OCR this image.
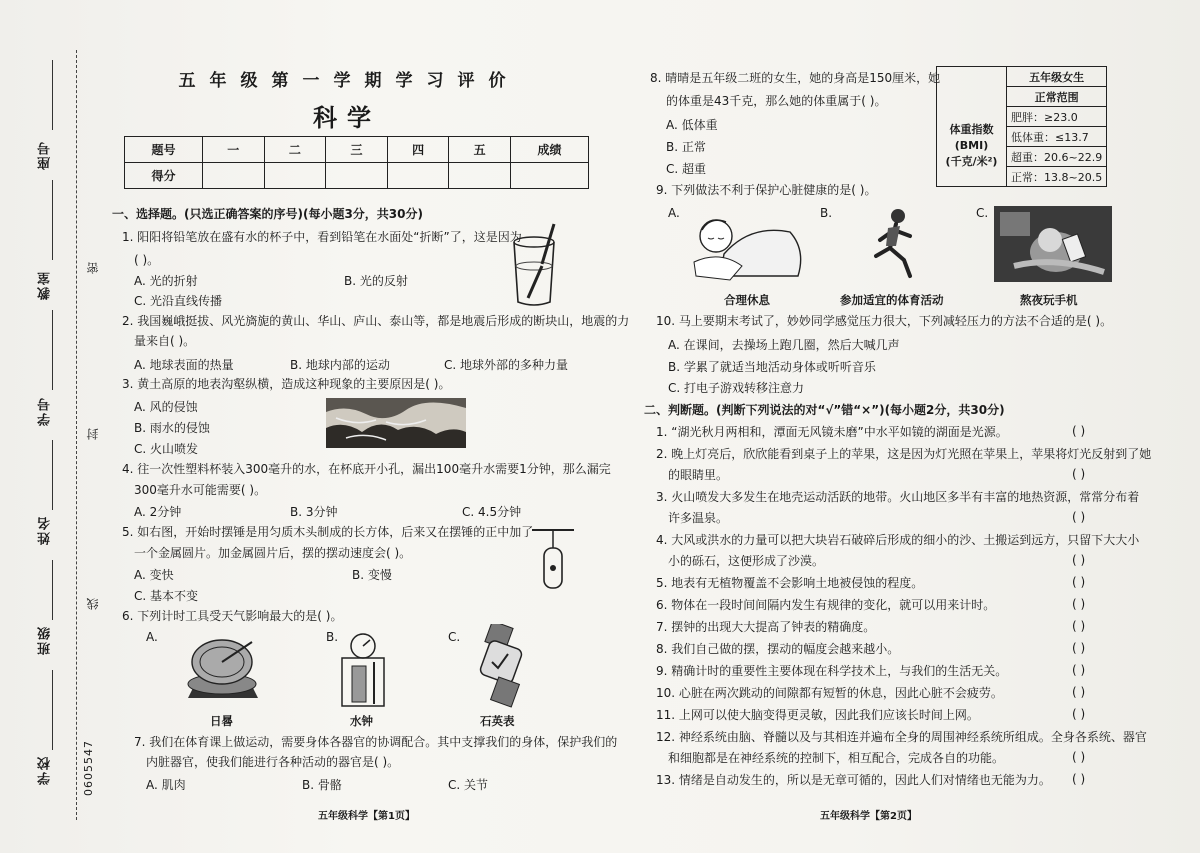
座号
教室
学号
姓名
班级
学校
密
封
线
0605547
五年级第一学期学习评价
科学
题号	一	二	三	四	五	成绩
得分						
一、选择题。(只选正确答案的序号)(每小题3分，共30分)
1. 阳阳将铅笔放在盛有水的杯子中，看到铅笔在水面处“折断”了，这是因为
( )。
A. 光的折射	B. 光的反射
C. 光沿直线传播
2. 我国巍峨挺拔、风光旖旎的黄山、华山、庐山、泰山等，都是地震后形成的断块山，地震的力
量来自( )。
A. 地球表面的热量	B. 地球内部的运动	C. 地球外部的多种力量
3. 黄土高原的地表沟壑纵横，造成这种现象的主要原因是( )。
A. 风的侵蚀
B. 雨水的侵蚀
C. 火山喷发
4. 往一次性塑料杯装入300毫升的水，在杯底开小孔，漏出100毫升水需要1分钟，那么漏完
300毫升水可能需要( )。
A. 2分钟	B. 3分钟	C. 4.5分钟
5. 如右图，开始时摆锤是用匀质木头制成的长方体，后来又在摆锤的正中加了
一个金属圆片。加金属圆片后，摆的摆动速度会( )。
A. 变快	B. 变慢
C. 基本不变
6. 下列计时工具受天气影响最大的是( )。
A.	B.	C.
日晷	水钟	石英表
7. 我们在体育课上做运动，需要身体各器官的协调配合。其中支撑我们的身体，保护我们的
内脏器官，使我们能进行各种活动的器官是( )。
A. 肌肉	B. 骨骼	C. 关节
五年级科学【第1页】
8. 晴晴是五年级二班的女生，她的身高是150厘米，她
的体重是43千克，那么她的体重属于( )。
A. 低体重
B. 正常
C. 超重
	五年级女生
	正常范围

体重指数
(BMI)
(千克/米²)	肥胖：≥23.0
	低体重：≤13.7
	超重：20.6~22.9
	正常：13.8~20.5
9. 下列做法不利于保护心脏健康的是( )。
A.	B.	C.
合理休息	参加适宜的体育活动	熬夜玩手机
10. 马上要期末考试了，妙妙同学感觉压力很大，下列减轻压力的方法不合适的是( )。
A. 在课间，去操场上跑几圈，然后大喊几声
B. 学累了就适当地活动身体或听听音乐
C. 打电子游戏转移注意力
二、判断题。(判断下列说法的对“√”错“×”)(每小题2分，共30分)
1. “湖光秋月两相和，潭面无风镜未磨”中水平如镜的湖面是光源。	( )
2. 晚上灯亮后，欣欣能看到桌子上的苹果，这是因为灯光照在苹果上，苹果将灯光反射到了她
的眼睛里。	( )
3. 火山喷发大多发生在地壳运动活跃的地带。火山地区多半有丰富的地热资源，常常分布着
许多温泉。	( )
4. 大风或洪水的力量可以把大块岩石破碎后形成的细小的沙、土搬运到远方，只留下大大小
小的砾石，这便形成了沙漠。	( )
5. 地表有无植物覆盖不会影响土地被侵蚀的程度。	( )
6. 物体在一段时间间隔内发生有规律的变化，就可以用来计时。	( )
7. 摆钟的出现大大提高了钟表的精确度。	( )
8. 我们自己做的摆，摆动的幅度会越来越小。	( )
9. 精确计时的重要性主要体现在科学技术上，与我们的生活无关。	( )
10. 心脏在两次跳动的间隙都有短暂的休息，因此心脏不会疲劳。	( )
11. 上网可以使大脑变得更灵敏，因此我们应该长时间上网。	( )
12. 神经系统由脑、脊髓以及与其相连并遍布全身的周围神经系统所组成。全身各系统、器官
和细胞都是在神经系统的控制下，相互配合，完成各自的功能。	( )
13. 情绪是自动发生的，所以是无章可循的，因此人们对情绪也无能为力。 ( )
五年级科学【第2页】
